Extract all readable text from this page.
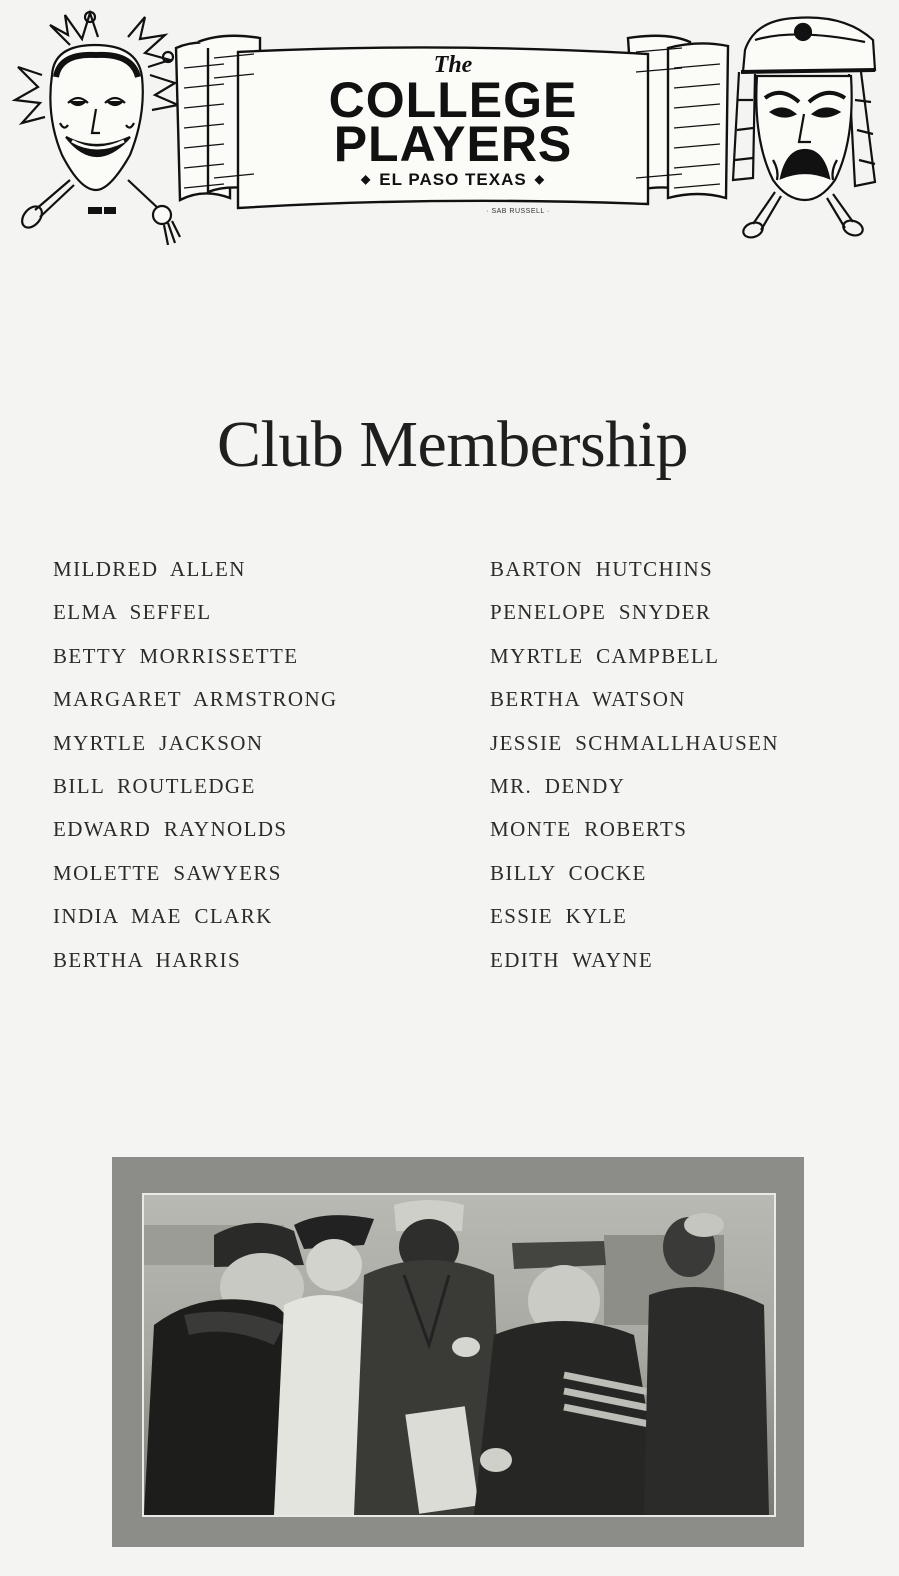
The
COLLEGE
PLAYERS
◆ EL PASO TEXAS ◆
· SAB RUSSELL ·
Club Membership
MILDRED ALLEN
ELMA SEFFEL
BETTY MORRISSETTE
MARGARET ARMSTRONG
MYRTLE JACKSON
BILL ROUTLEDGE
EDWARD RAYNOLDS
MOLETTE SAWYERS
INDIA MAE CLARK
BERTHA HARRIS
BARTON HUTCHINS
PENELOPE SNYDER
MYRTLE CAMPBELL
BERTHA WATSON
JESSIE SCHMALLHAUSEN
MR. DENDY
MONTE ROBERTS
BILLY COCKE
ESSIE KYLE
EDITH WAYNE
